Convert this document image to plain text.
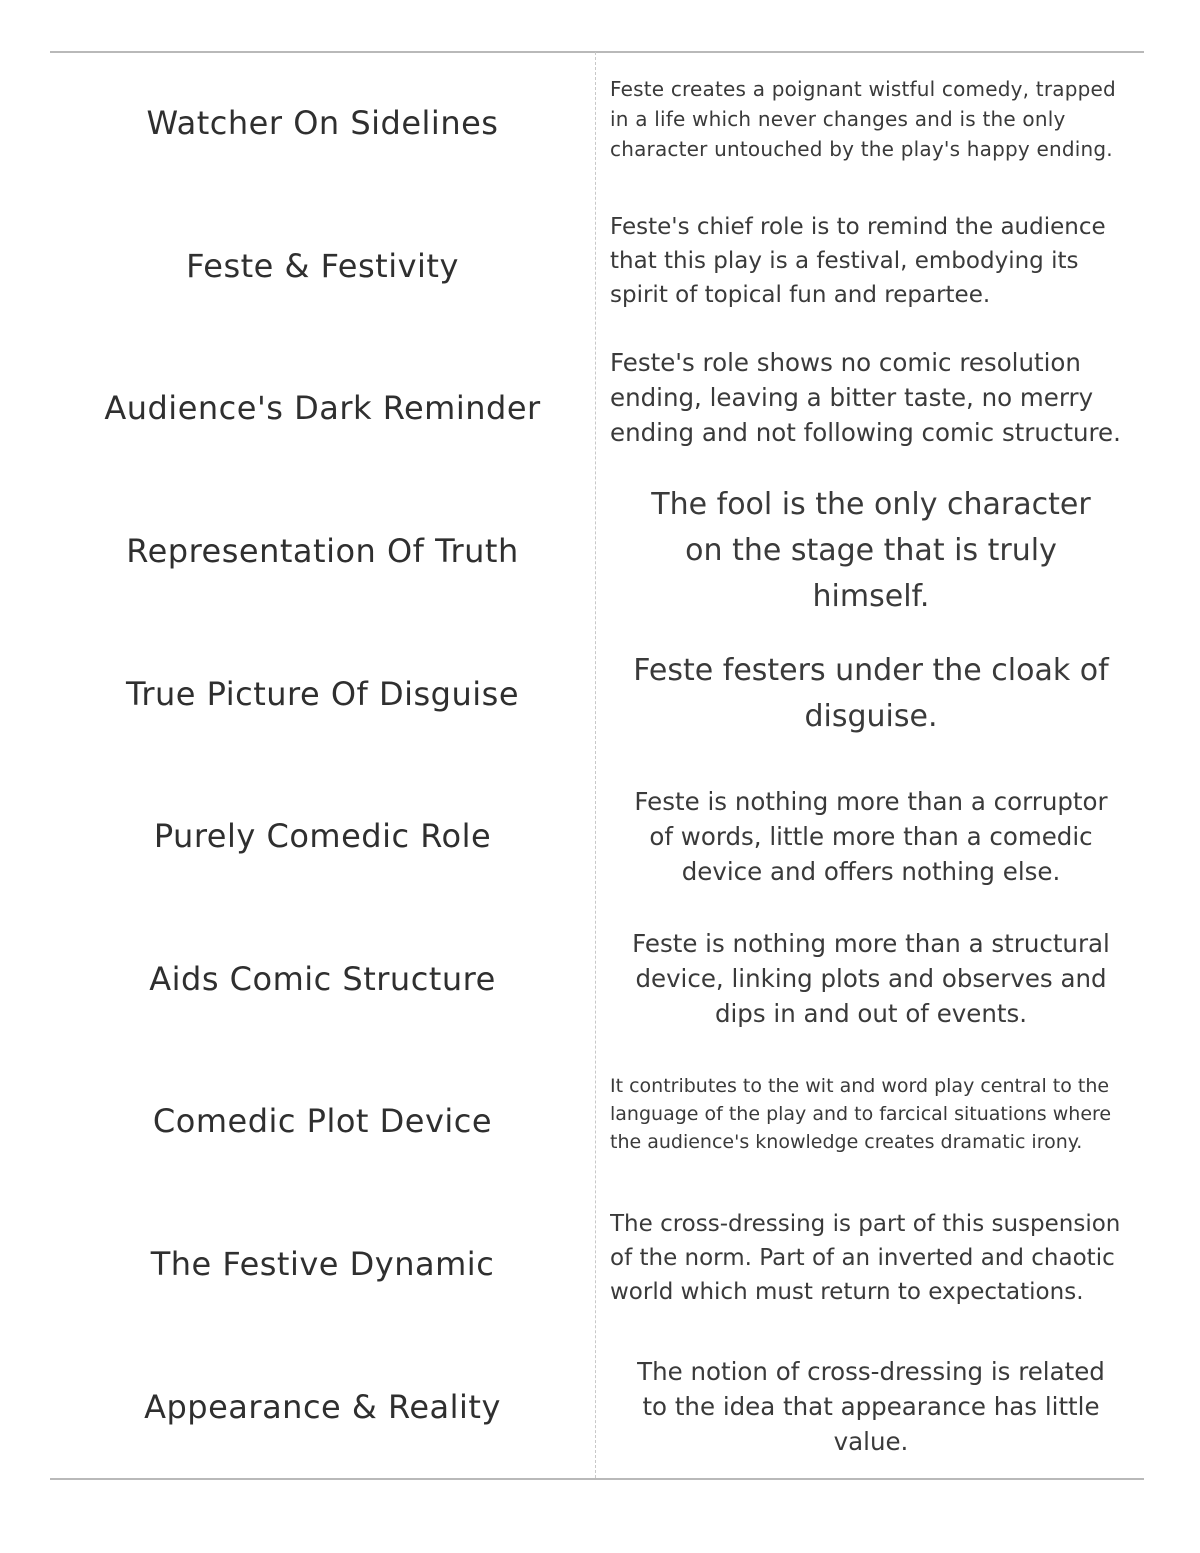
Watcher On Sidelines
Feste creates a poignant wistful comedy, trapped in a life which never changes and is the only character untouched by the play's happy ending.
Feste & Festivity
Feste's chief role is to remind the audience that this play is a festival, embodying its spirit of topical fun and repartee.
Audience's Dark Reminder
Feste's role shows no comic resolution ending, leaving a bitter taste, no merry ending and not following comic structure.
Representation Of Truth
The fool is the only character on the stage that is truly himself.
True Picture Of Disguise
Feste festers under the cloak of disguise.
Purely Comedic Role
Feste is nothing more than a corruptor of words, little more than a comedic device and offers nothing else.
Aids Comic Structure
Feste is nothing more than a structural device, linking plots and observes and dips in and out of events.
Comedic Plot Device
It contributes to the wit and word play central to the language of the play and to farcical situations where the audience's knowledge creates dramatic irony.
The Festive Dynamic
The cross-dressing is part of this suspension of the norm. Part of an inverted and chaotic world which must return to expectations.
Appearance & Reality
The notion of cross-dressing is related to the idea that appearance has little value.
